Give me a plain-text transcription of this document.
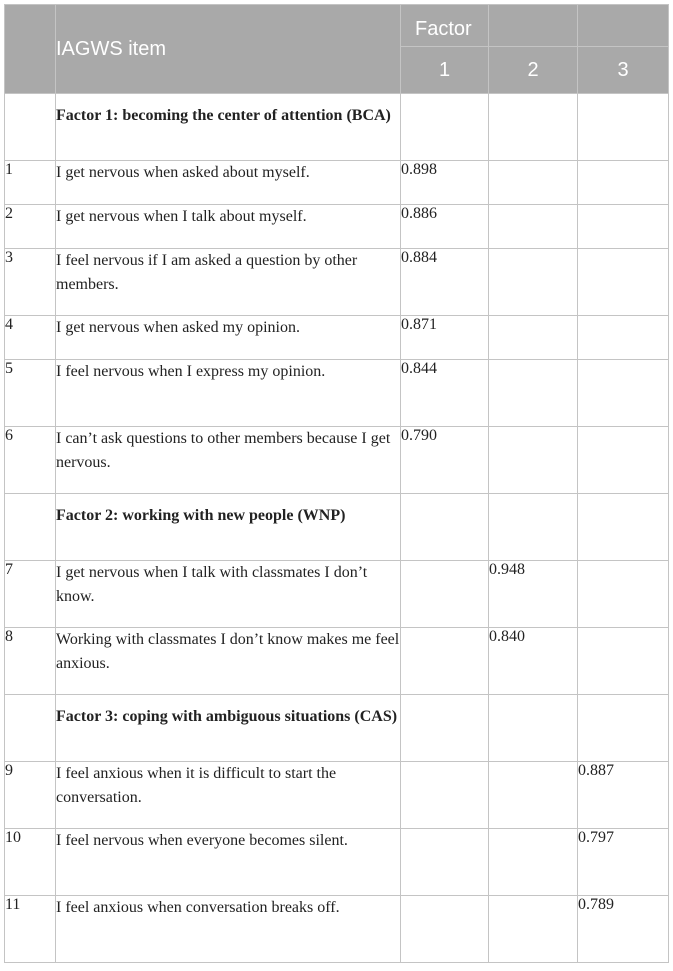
	IAGWS item	Factor		

		1	2	3
	Factor 1: becoming the center of attention (BCA)			
1	I get nervous when asked about myself.	0.898		
2	I get nervous when I talk about myself.	0.886		
3	I feel nervous if I am asked a question by other members.	0.884		
4	I get nervous when asked my opinion.	0.871		
5	I feel nervous when I express my opinion.	0.844		
6	I can’t ask questions to other members because I get nervous.	0.790		
	Factor 2: working with new people (WNP)			
7	I get nervous when I talk with classmates I don’t know.		0.948	
8	Working with classmates I don’t know makes me feel anxious.		0.840	
	Factor 3: coping with ambiguous situations (CAS)			
9	I feel anxious when it is difficult to start the conversation.			0.887
10	I feel nervous when everyone becomes silent.			0.797
11	I feel anxious when conversation breaks off.			0.789
